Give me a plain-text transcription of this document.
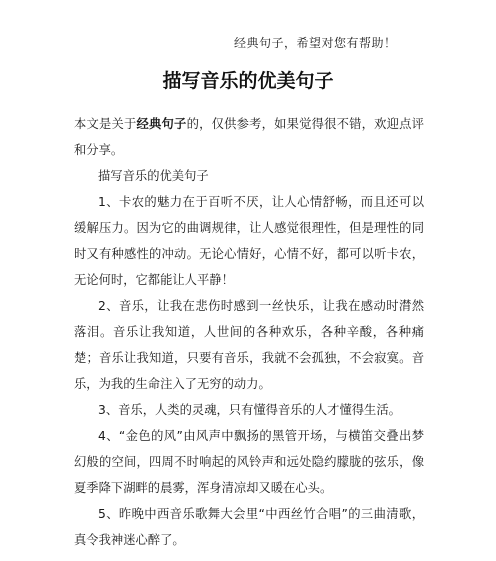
经典句子，希望对您有帮助！
描写音乐的优美句子

本文是关于经典句子的，仅供参考，如果觉得很不错，欢迎点评和分享。

描写音乐的优美句子

1、卡农的魅力在于百听不厌，让人心情舒畅，而且还可以缓解压力。因为它的曲调规律，让人感觉很理性，但是理性的同时又有种感性的冲动。无论心情好，心情不好，都可以听卡农，无论何时，它都能让人平静！

2、音乐，让我在悲伤时感到一丝快乐，让我在感动时潸然落泪。音乐让我知道，人世间的各种欢乐，各种辛酸，各种痛楚；音乐让我知道，只要有音乐，我就不会孤独，不会寂寞。音乐，为我的生命注入了无穷的动力。

3、音乐，人类的灵魂，只有懂得音乐的人才懂得生活。

4、“金色的风”由风声中飘扬的黑管开场，与横笛交叠出梦幻般的空间，四周不时响起的风铃声和远处隐约朦胧的弦乐，像夏季降下湖畔的晨雾，浑身清凉却又暖在心头。

5、昨晚中西音乐歌舞大会里“中西丝竹合唱”的三曲清歌，真令我神迷心醉了。
